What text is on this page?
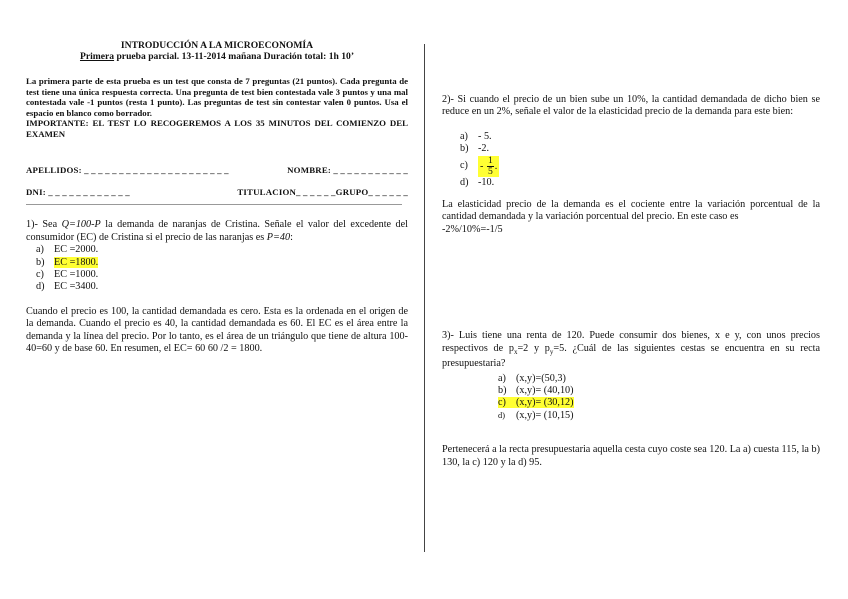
INTRODUCCIÓN A LA MICROECONOMÍA
Primera prueba parcial. 13-11-2014 mañana Duración total: 1h 10’

La primera parte de esta prueba es un test que consta de 7 preguntas (21 puntos). Cada pregunta de test tiene una única respuesta correcta. Una pregunta de test bien contestada vale 3 puntos y una mal contestada vale -1 puntos (resta 1 punto). Las preguntas de test sin contestar valen 0 puntos. Usa el espacio en blanco como borrador.

IMPORTANTE: EL TEST LO RECOGEREMOS A LOS 35 MINUTOS DEL COMIENZO DEL EXAMEN

APELLIDOS: _ _ _ _ _ _ _ _ _ _ _ _ _ _ _ _ _ _ _ _ _	NOMBRE: _ _ _ _ _ _ _ _ _ _ _
DNI: _ _ _ _ _ _ _ _ _ _ _ _	TITULACION_ _ _ _ _ _GRUPO_ _ _ _ _ _

1)- Sea Q=100-P la demanda de naranjas de Cristina. Señale el valor del excedente del consumidor (EC) de Cristina si el precio de las naranjas es P=40:

a) EC =2000.
b) EC =1800.
c) EC =1000.
d) EC =3400.

Cuando el precio es 100, la cantidad demandada es cero. Esta es la ordenada en el origen de la demanda. Cuando el precio es 40, la cantidad demandada es 60. El EC es el área entre la demanda y la línea del precio. Por lo tanto, es el área de un triángulo que tiene de altura 100-40=60 y de base 60. En resumen, el EC= 60 60 /2 = 1800.

2)- Si cuando el precio de un bien sube un 10%, la cantidad demandada de dicho bien se reduce en un 2%, señale el valor de la elasticidad precio de la demanda para este bien:

a) - 5.
b) -2.
$c) - \frac{1}{5}$ .
d) -10.

La elasticidad precio de la demanda es el cociente entre la variación porcentual de la cantidad demandada y la variación porcentual del precio. En este caso es

-2%/10%=-1/5

3)- Luis tiene una renta de 120. Puede consumir dos bienes, x e y, con unos precios respectivos de $p_x=2$ y $p_y=5$. ¿Cuál de las siguientes cestas se encuentra en su recta presupuestaria?

a) (x,y)=(50,3)
b) (x,y)= (40,10)
c) (x,y)= (30,12)
d) (x,y)= (10,15)

Pertenecerá a la recta presupuestaria aquella cesta cuyo coste sea 120. La a) cuesta 115, la b) 130, la c) 120 y la d) 95.
